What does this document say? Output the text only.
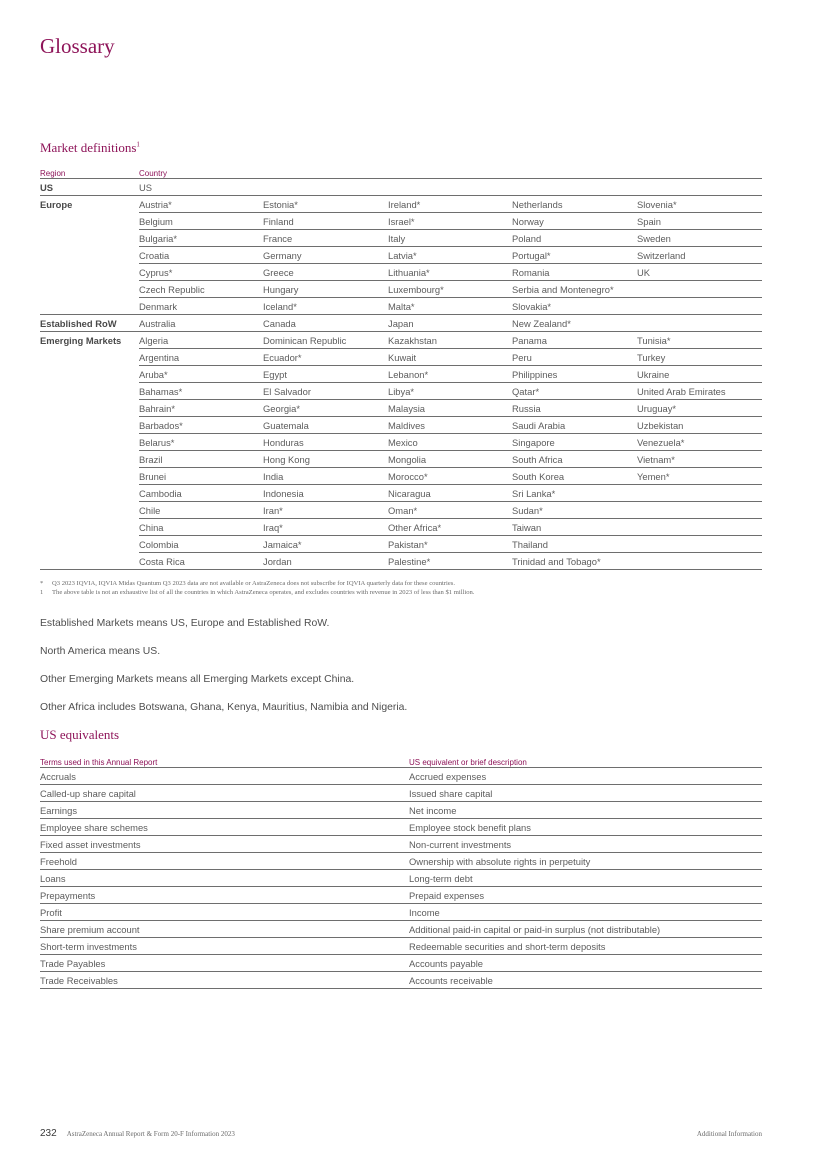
Glossary
Market definitions$^1$
Region	Country				
US	US				
Europe	Austria*	Estonia*	Ireland*	Netherlands	Slovenia*
	Belgium	Finland	Israel*	Norway	Spain
	Bulgaria*	France	Italy	Poland	Sweden
	Croatia	Germany	Latvia*	Portugal*	Switzerland
	Cyprus*	Greece	Lithuania*	Romania	UK
	Czech Republic	Hungary	Luxembourg*	Serbia and Montenegro*	
	Denmark	Iceland*	Malta*	Slovakia*	
Established RoW	Australia	Canada	Japan	New Zealand*	
Emerging Markets	Algeria	Dominican Republic	Kazakhstan	Panama	Tunisia*
	Argentina	Ecuador*	Kuwait	Peru	Turkey
	Aruba*	Egypt	Lebanon*	Philippines	Ukraine
	Bahamas*	El Salvador	Libya*	Qatar*	United Arab Emirates
	Bahrain*	Georgia*	Malaysia	Russia	Uruguay*
	Barbados*	Guatemala	Maldives	Saudi Arabia	Uzbekistan
	Belarus*	Honduras	Mexico	Singapore	Venezuela*
	Brazil	Hong Kong	Mongolia	South Africa	Vietnam*
	Brunei	India	Morocco*	South Korea	Yemen*
	Cambodia	Indonesia	Nicaragua	Sri Lanka*	
	Chile	Iran*	Oman*	Sudan*	
	China	Iraq*	Other Africa*	Taiwan	
	Colombia	Jamaica*	Pakistan*	Thailand	
	Costa Rica	Jordan	Palestine*	Trinidad and Tobago*	
*	Q3 2023 IQVIA, IQVIA Midas Quantum Q3 2023 data are not available or AstraZeneca does not subscribe for IQVIA quarterly data for these countries.
1	The above table is not an exhaustive list of all the countries in which AstraZeneca operates, and excludes countries with revenue in 2023 of less than $1 million.

Established Markets means US, Europe and Established RoW.

North America means US.

Other Emerging Markets means all Emerging Markets except China.

Other Africa includes Botswana, Ghana, Kenya, Mauritius, Namibia and Nigeria.

US equivalents
Terms used in this Annual Report	US equivalent or brief description
Accruals	Accrued expenses
Called-up share capital	Issued share capital
Earnings	Net income
Employee share schemes	Employee stock benefit plans
Fixed asset investments	Non-current investments
Freehold	Ownership with absolute rights in perpetuity
Loans	Long-term debt
Prepayments	Prepaid expenses
Profit	Income
Share premium account	Additional paid-in capital or paid-in surplus (not distributable)
Short-term investments	Redeemable securities and short-term deposits
Trade Payables	Accounts payable
Trade Receivables	Accounts receivable
232 AstraZeneca Annual Report & Form 20-F Information 2023	Additional Information
